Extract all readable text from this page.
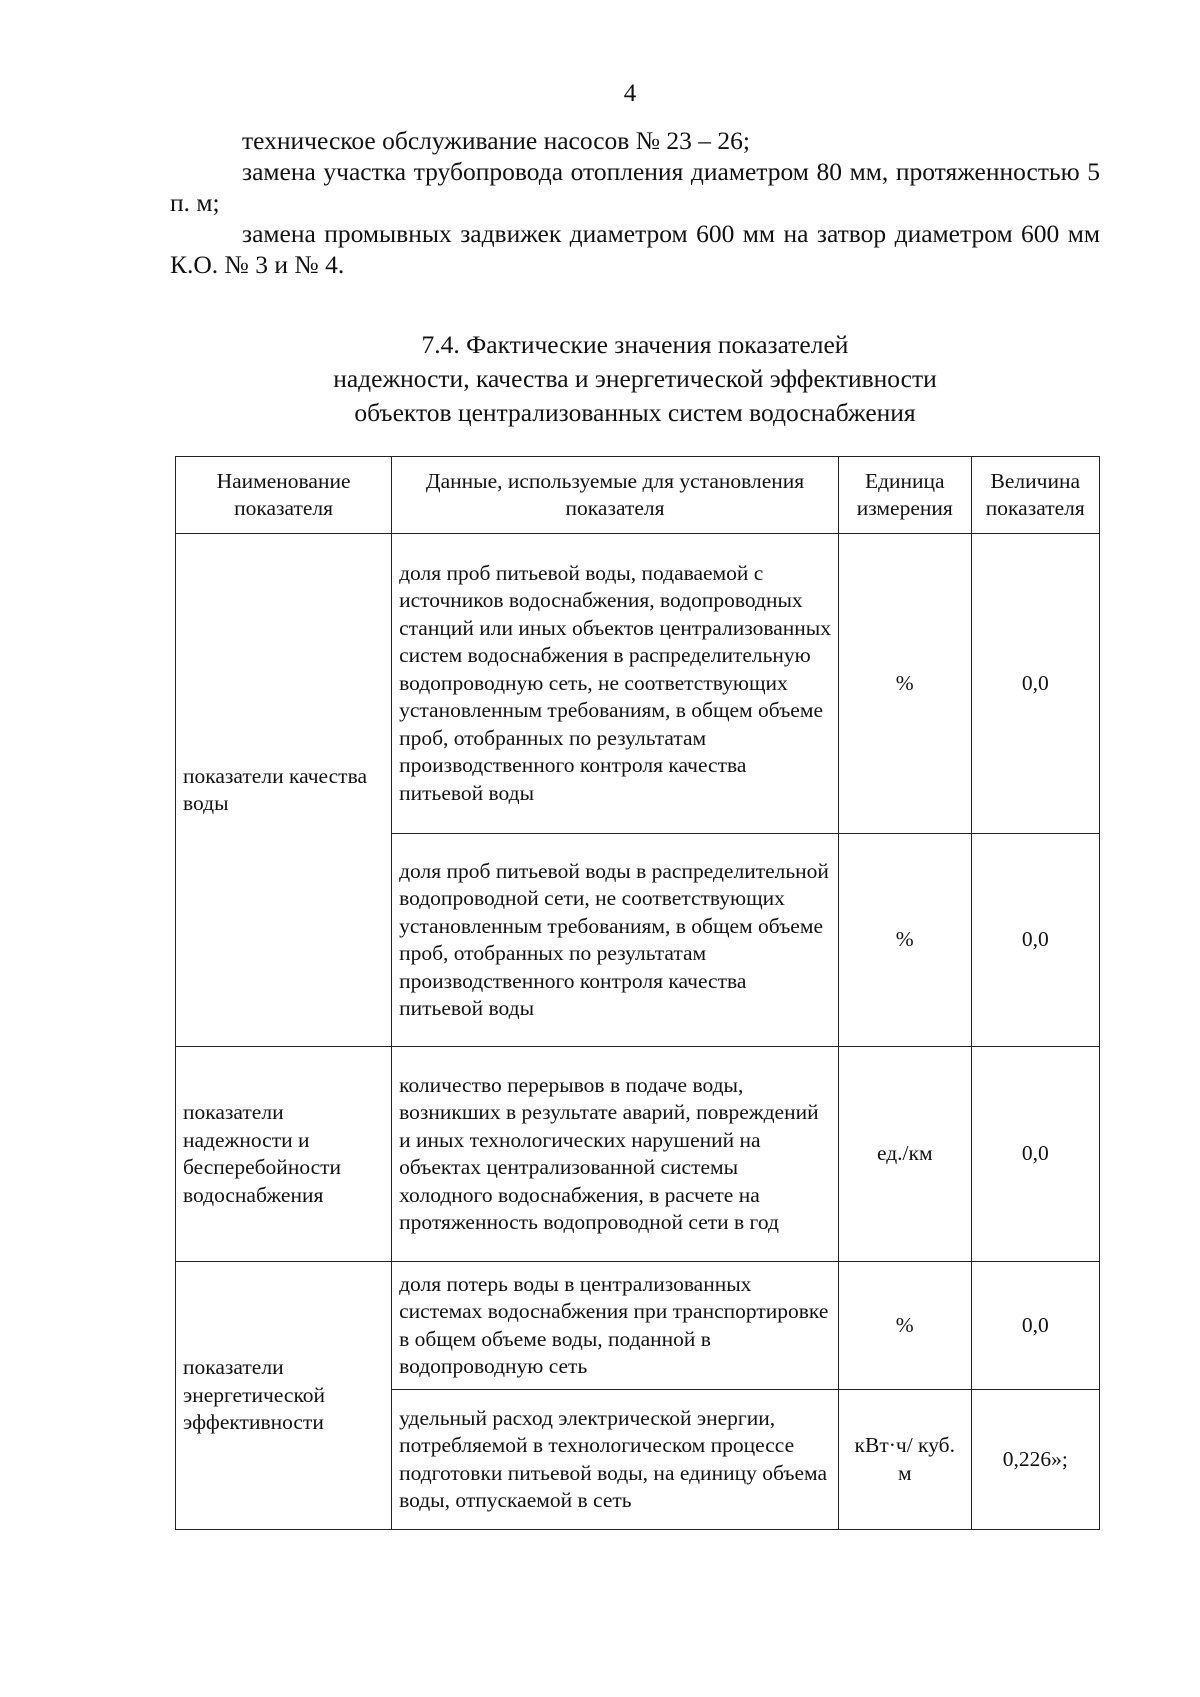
4

техническое обслуживание насосов № 23 – 26;

замена участка трубопровода отопления диаметром 80 мм, протяженностью 5 п. м;

замена промывных задвижек диаметром 600 мм на затвор диаметром 600 мм К.О. № 3 и № 4.

7.4. Фактические значения показателей
надежности, качества и энергетической эффективности
объектов централизованных систем водоснабжения
Наименование показателя	Данные, используемые для установления показателя	Единица измерения	Величина показателя
показатели качества воды	доля проб питьевой воды, подаваемой с источников водоснабжения, водопроводных станций или иных объектов централизованных систем водоснабжения в распределительную водопроводную сеть, не соответствующих установленным требованиям, в общем объеме проб, отобранных по результатам производственного контроля качества питьевой воды	%	0,0
	доля проб питьевой воды в распределительной водопроводной сети, не соответствующих установленным требованиям, в общем объеме проб, отобранных по результатам производственного контроля качества питьевой воды	%	0,0
показатели надежности и бесперебойности водоснабжения	количество перерывов в подаче воды, возникших в результате аварий, повреждений и иных технологических нарушений на объектах централизованной системы холодного водоснабжения, в расчете на протяженность водопроводной сети в год	ед./км	0,0
показатели энергетической эффективности	доля потерь воды в централизованных системах водоснабжения при транспортировке в общем объеме воды, поданной в водопроводную сеть	%	0,0
	удельный расход электрической энергии, потребляемой в технологическом процессе подготовки питьевой воды, на единицу объема воды, отпускаемой в сеть	кВт·ч/ куб. м	0,226»;
